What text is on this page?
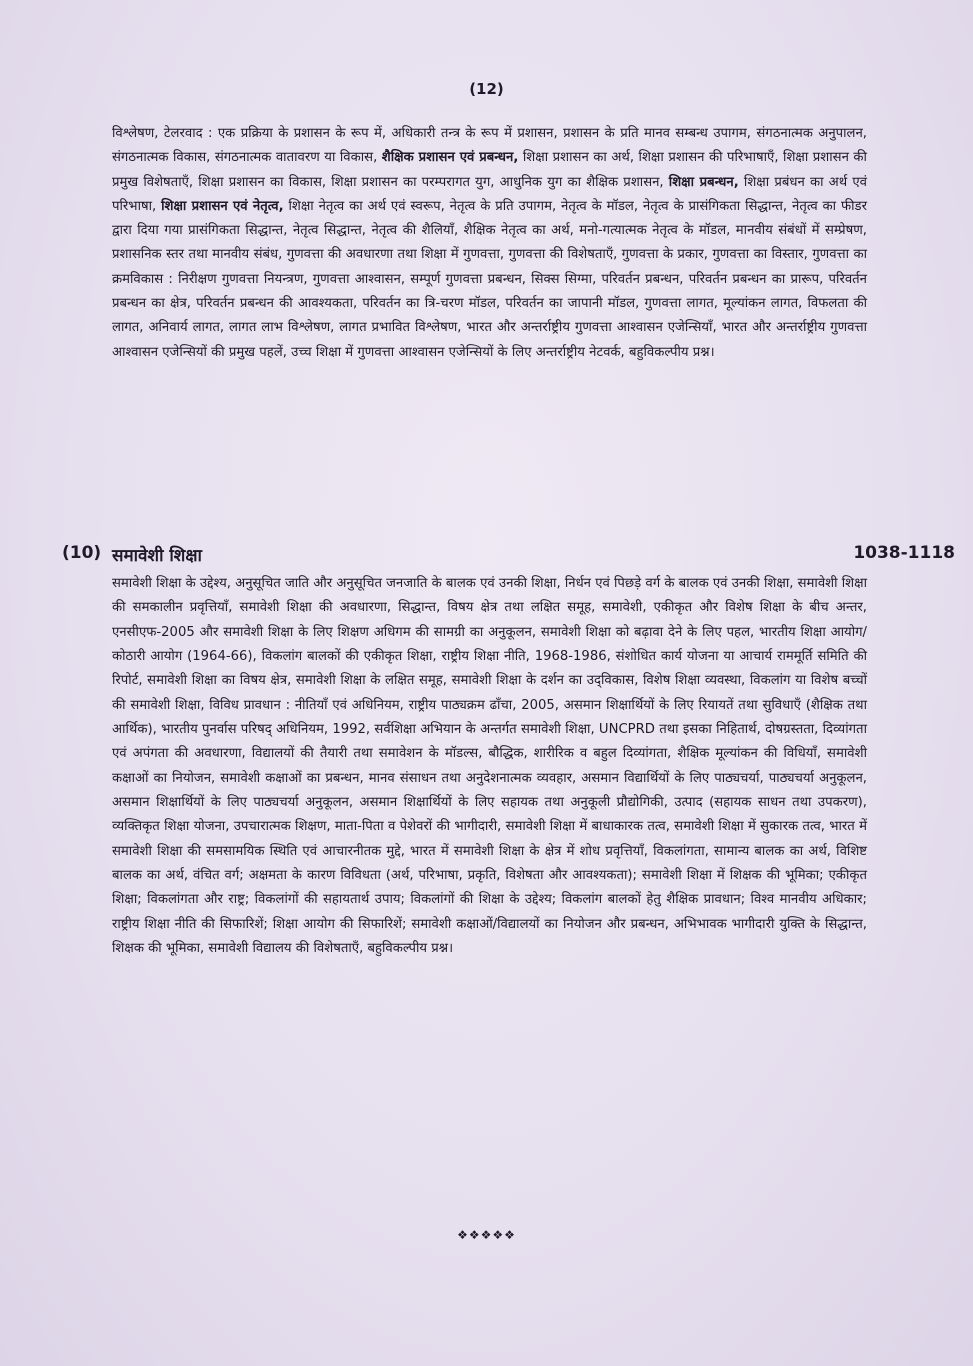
(12)
विश्लेषण, टेलरवाद : एक प्रक्रिया के प्रशासन के रूप में, अधिकारी तन्त्र के रूप में प्रशासन, प्रशासन के प्रति मानव सम्बन्ध उपागम, संगठनात्मक अनुपालन, संगठनात्मक विकास, संगठनात्मक वातावरण या विकास, शैक्षिक प्रशासन एवं प्रबन्धन, शिक्षा प्रशासन का अर्थ, शिक्षा प्रशासन की परिभाषाएँ, शिक्षा प्रशासन की प्रमुख विशेषताएँ, शिक्षा प्रशासन का विकास, शिक्षा प्रशासन का परम्परागत युग, आधुनिक युग का शैक्षिक प्रशासन, शिक्षा प्रबन्धन, शिक्षा प्रबंधन का अर्थ एवं परिभाषा, शिक्षा प्रशासन एवं नेतृत्व, शिक्षा नेतृत्व का अर्थ एवं स्वरूप, नेतृत्व के प्रति उपागम, नेतृत्व के मॉडल, नेतृत्व के प्रासंगिकता सिद्धान्त, नेतृत्व का फीडर द्वारा दिया गया प्रासंगिकता सिद्धान्त, नेतृत्व सिद्धान्त, नेतृत्व की शैलियाँ, शैक्षिक नेतृत्व का अर्थ, मनो-गत्यात्मक नेतृत्व के मॉडल, मानवीय संबंधों में सम्प्रेषण, प्रशासनिक स्तर तथा मानवीय संबंध, गुणवत्ता की अवधारणा तथा शिक्षा में गुणवत्ता, गुणवत्ता की विशेषताएँ, गुणवत्ता के प्रकार, गुणवत्ता का विस्तार, गुणवत्ता का क्रमविकास : निरीक्षण गुणवत्ता नियन्त्रण, गुणवत्ता आश्वासन, सम्पूर्ण गुणवत्ता प्रबन्धन, सिक्स सिग्मा, परिवर्तन प्रबन्धन, परिवर्तन प्रबन्धन का प्रारूप, परिवर्तन प्रबन्धन का क्षेत्र, परिवर्तन प्रबन्धन की आवश्यकता, परिवर्तन का त्रि-चरण मॉडल, परिवर्तन का जापानी मॉडल, गुणवत्ता लागत, मूल्यांकन लागत, विफलता की लागत, अनिवार्य लागत, लागत लाभ विश्लेषण, लागत प्रभावित विश्लेषण, भारत और अन्तर्राष्ट्रीय गुणवत्ता आश्वासन एजेन्सियाँ, भारत और अन्तर्राष्ट्रीय गुणवत्ता आश्वासन एजेन्सियों की प्रमुख पहलें, उच्च शिक्षा में गुणवत्ता आश्वासन एजेन्सियों के लिए अन्तर्राष्ट्रीय नेटवर्क, बहुविकल्पीय प्रश्न।
(10) समावेशी शिक्षा	1038-1118
समावेशी शिक्षा के उद्देश्य, अनुसूचित जाति और अनुसूचित जनजाति के बालक एवं उनकी शिक्षा, निर्धन एवं पिछड़े वर्ग के बालक एवं उनकी शिक्षा, समावेशी शिक्षा की समकालीन प्रवृत्तियाँ, समावेशी शिक्षा की अवधारणा, सिद्धान्त, विषय क्षेत्र तथा लक्षित समूह, समावेशी, एकीकृत और विशेष शिक्षा के बीच अन्तर, एनसीएफ-2005 और समावेशी शिक्षा के लिए शिक्षण अधिगम की सामग्री का अनुकूलन, समावेशी शिक्षा को बढ़ावा देने के लिए पहल, भारतीय शिक्षा आयोग/कोठारी आयोग (1964-66), विकलांग बालकों की एकीकृत शिक्षा, राष्ट्रीय शिक्षा नीति, 1968-1986, संशोधित कार्य योजना या आचार्य राममूर्ति समिति की रिपोर्ट, समावेशी शिक्षा का विषय क्षेत्र, समावेशी शिक्षा के लक्षित समूह, समावेशी शिक्षा के दर्शन का उद्‌विकास, विशेष शिक्षा व्यवस्था, विकलांग या विशेष बच्चों की समावेशी शिक्षा, विविध प्रावधान : नीतियाँ एवं अधिनियम, राष्ट्रीय पाठ्यक्रम ढाँचा, 2005, असमान शिक्षार्थियों के लिए रियायतें तथा सुविधाएँ (शैक्षिक तथा आर्थिक), भारतीय पुनर्वास परिषद् अधिनियम, 1992, सर्वशिक्षा अभियान के अन्तर्गत समावेशी शिक्षा, UNCPRD तथा इसका निहितार्थ, दोषग्रस्तता, दिव्यांगता एवं अपंगता की अवधारणा, विद्यालयों की तैयारी तथा समावेशन के मॉडल्स, बौद्धिक, शारीरिक व बहुल दिव्यांगता, शैक्षिक मूल्यांकन की विधियाँ, समावेशी कक्षाओं का नियोजन, समावेशी कक्षाओं का प्रबन्धन, मानव संसाधन तथा अनुदेशनात्मक व्यवहार, असमान विद्यार्थियों के लिए पाठ्यचर्या, पाठ्यचर्या अनुकूलन, असमान शिक्षार्थियों के लिए पाठ्यचर्या अनुकूलन, असमान शिक्षार्थियों के लिए सहायक तथा अनुकूली प्रौद्योगिकी, उत्पाद (सहायक साधन तथा उपकरण), व्यक्तिकृत शिक्षा योजना, उपचारात्मक शिक्षण, माता-पिता व पेशेवरों की भागीदारी, समावेशी शिक्षा में बाधाकारक तत्व, समावेशी शिक्षा में सुकारक तत्व, भारत में समावेशी शिक्षा की समसामयिक स्थिति एवं आचारनीतक मुद्दे, भारत में समावेशी शिक्षा के क्षेत्र में शोध प्रवृत्तियाँ, विकलांगता, सामान्य बालक का अर्थ, विशिष्ट बालक का अर्थ, वंचित वर्ग; अक्षमता के कारण विविधता (अर्थ, परिभाषा, प्रकृति, विशेषता और आवश्यकता); समावेशी शिक्षा में शिक्षक की भूमिका; एकीकृत शिक्षा; विकलांगता और राष्ट्र; विकलांगों की सहायतार्थ उपाय; विकलांगों की शिक्षा के उद्देश्य; विकलांग बालकों हेतु शैक्षिक प्रावधान; विश्व मानवीय अधिकार; राष्ट्रीय शिक्षा नीति की सिफारिशें; शिक्षा आयोग की सिफारिशें; समावेशी कक्षाओं/विद्यालयों का नियोजन और प्रबन्धन, अभिभावक भागीदारी युक्ति के सिद्धान्त, शिक्षक की भूमिका, समावेशी विद्यालय की विशेषताएँ, बहुविकल्पीय प्रश्न।
❖❖❖❖❖
